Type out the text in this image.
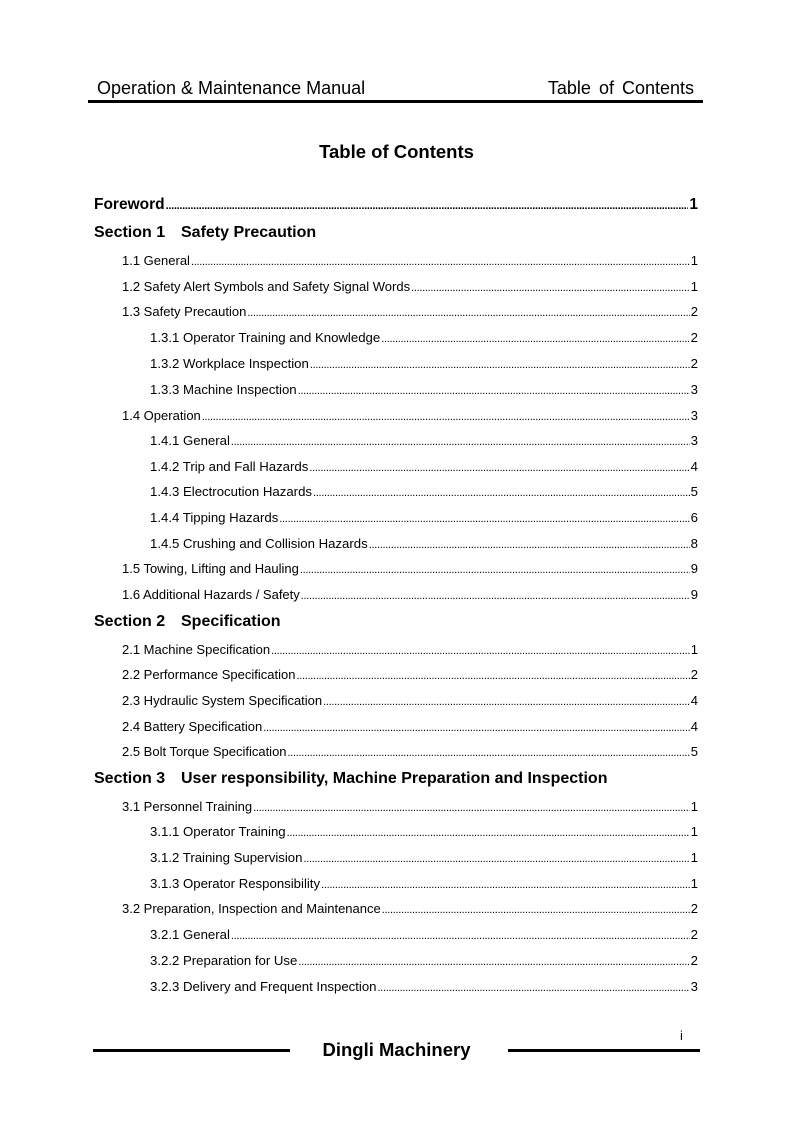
Operation & Maintenance Manual	Table of Contents
Table of Contents
Foreword .....	1
Section 1 Safety Precaution
1.1 General .....	1
1.2 Safety Alert Symbols and Safety Signal Words .....	1
1.3 Safety Precaution .....	2
1.3.1 Operator Training and Knowledge .....	2
1.3.2 Workplace Inspection .....	2
1.3.3 Machine Inspection .....	3
1.4 Operation .....	3
1.4.1 General .....	3
1.4.2 Trip and Fall Hazards .....	4
1.4.3 Electrocution Hazards .....	5
1.4.4 Tipping Hazards .....	6
1.4.5 Crushing and Collision Hazards .....	8
1.5 Towing, Lifting and Hauling .....	9
1.6 Additional Hazards / Safety .....	9
Section 2 Specification
2.1 Machine Specification .....	1
2.2 Performance Specification .....	2
2.3 Hydraulic System Specification .....	4
2.4 Battery Specification .....	4
2.5 Bolt Torque Specification .....	5
Section 3 User responsibility, Machine Preparation and Inspection
3.1 Personnel Training .....	1
3.1.1 Operator Training .....	1
3.1.2 Training Supervision .....	1
3.1.3 Operator Responsibility .....	1
3.2 Preparation, Inspection and Maintenance .....	2
3.2.1 General .....	2
3.2.2 Preparation for Use .....	2
3.2.3 Delivery and Frequent Inspection .....	3
i
Dingli Machinery
